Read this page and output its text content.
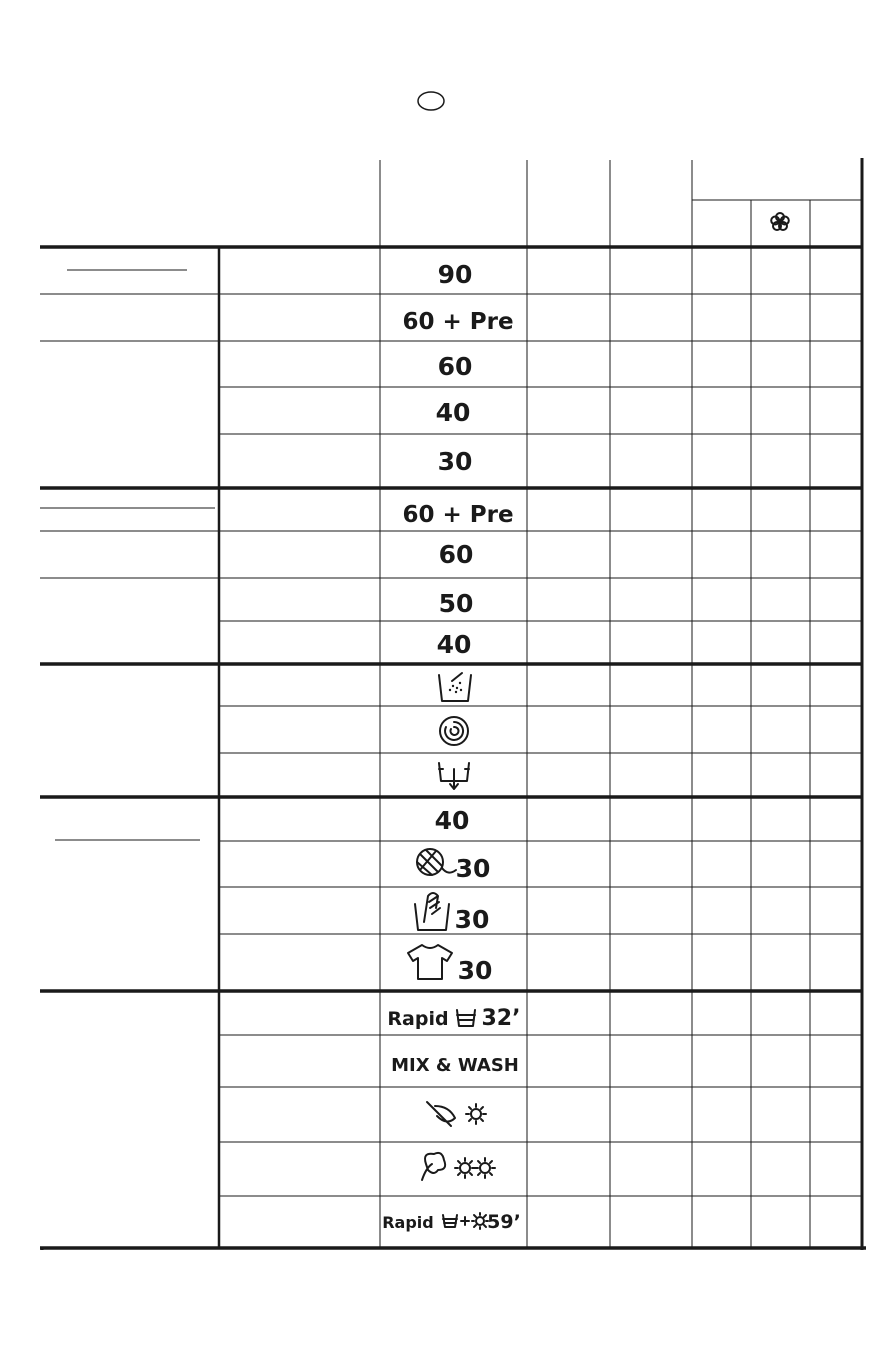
90
60 + Pre
60
40
30
60 + Pre
60
50
40
40
30
30
30
Rapid 32’
MIX & WASH
Rapid	59’
